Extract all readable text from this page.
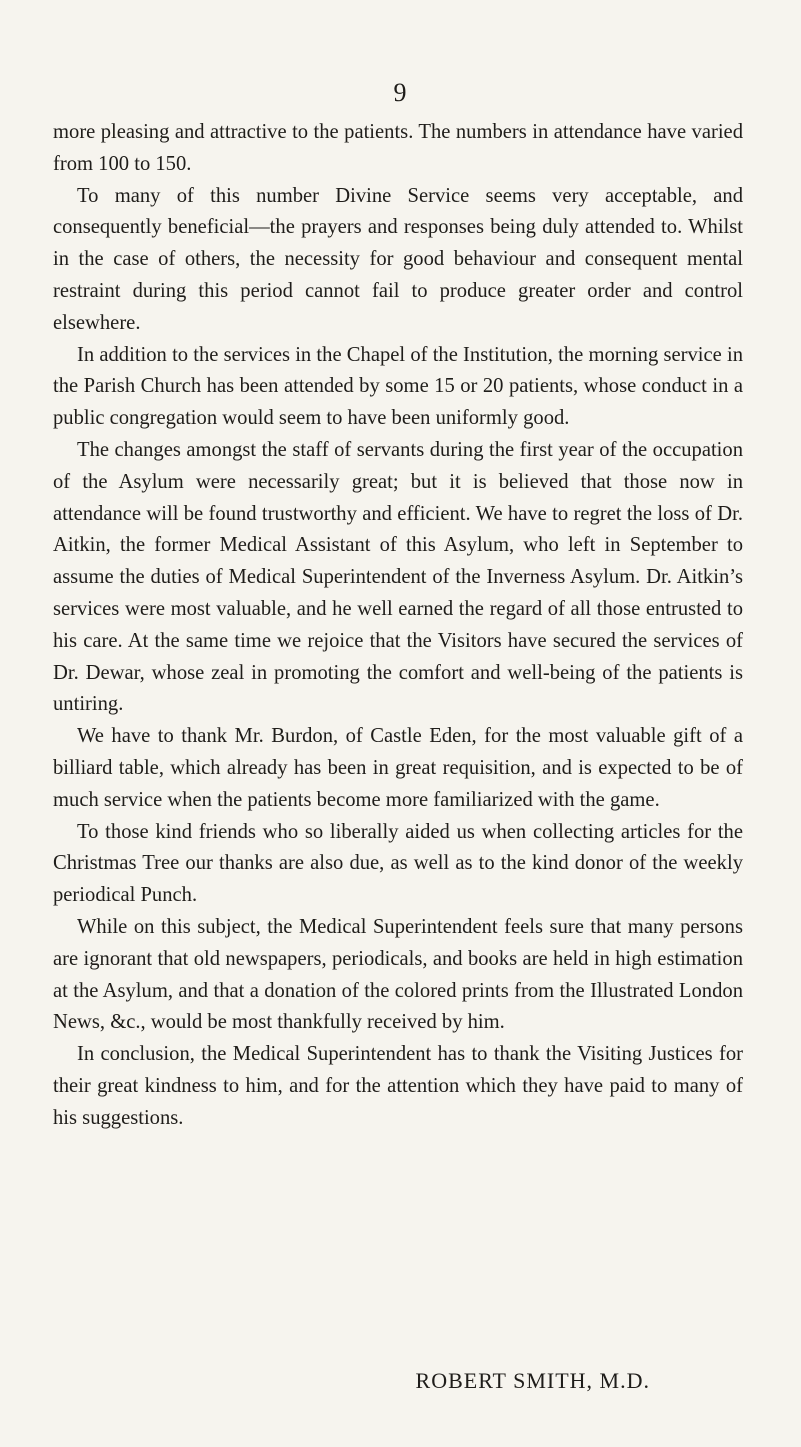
9

more pleasing and attractive to the patients. The numbers in attendance have varied from 100 to 150.

To many of this number Divine Service seems very acceptable, and consequently beneficial—the prayers and responses being duly attended to. Whilst in the case of others, the necessity for good behaviour and consequent mental restraint during this period cannot fail to produce greater order and control elsewhere.

In addition to the services in the Chapel of the Institution, the morning service in the Parish Church has been attended by some 15 or 20 patients, whose conduct in a public congregation would seem to have been uniformly good.

The changes amongst the staff of servants during the first year of the occupation of the Asylum were necessarily great; but it is believed that those now in attendance will be found trustworthy and efficient. We have to regret the loss of Dr. Aitkin, the former Medical Assistant of this Asylum, who left in September to assume the duties of Medical Superintendent of the Inverness Asylum. Dr. Aitkin’s services were most valuable, and he well earned the regard of all those entrusted to his care. At the same time we rejoice that the Visitors have secured the services of Dr. Dewar, whose zeal in promoting the comfort and well-being of the patients is untiring.

We have to thank Mr. Burdon, of Castle Eden, for the most valuable gift of a billiard table, which already has been in great requisition, and is expected to be of much service when the patients become more familiarized with the game.

To those kind friends who so liberally aided us when collecting articles for the Christmas Tree our thanks are also due, as well as to the kind donor of the weekly periodical Punch.

While on this subject, the Medical Superintendent feels sure that many persons are ignorant that old newspapers, periodicals, and books are held in high estimation at the Asylum, and that a donation of the colored prints from the Illustrated London News, &c., would be most thankfully received by him.

In conclusion, the Medical Superintendent has to thank the Visiting Justices for their great kindness to him, and for the attention which they have paid to many of his suggestions.

ROBERT SMITH, M.D.
